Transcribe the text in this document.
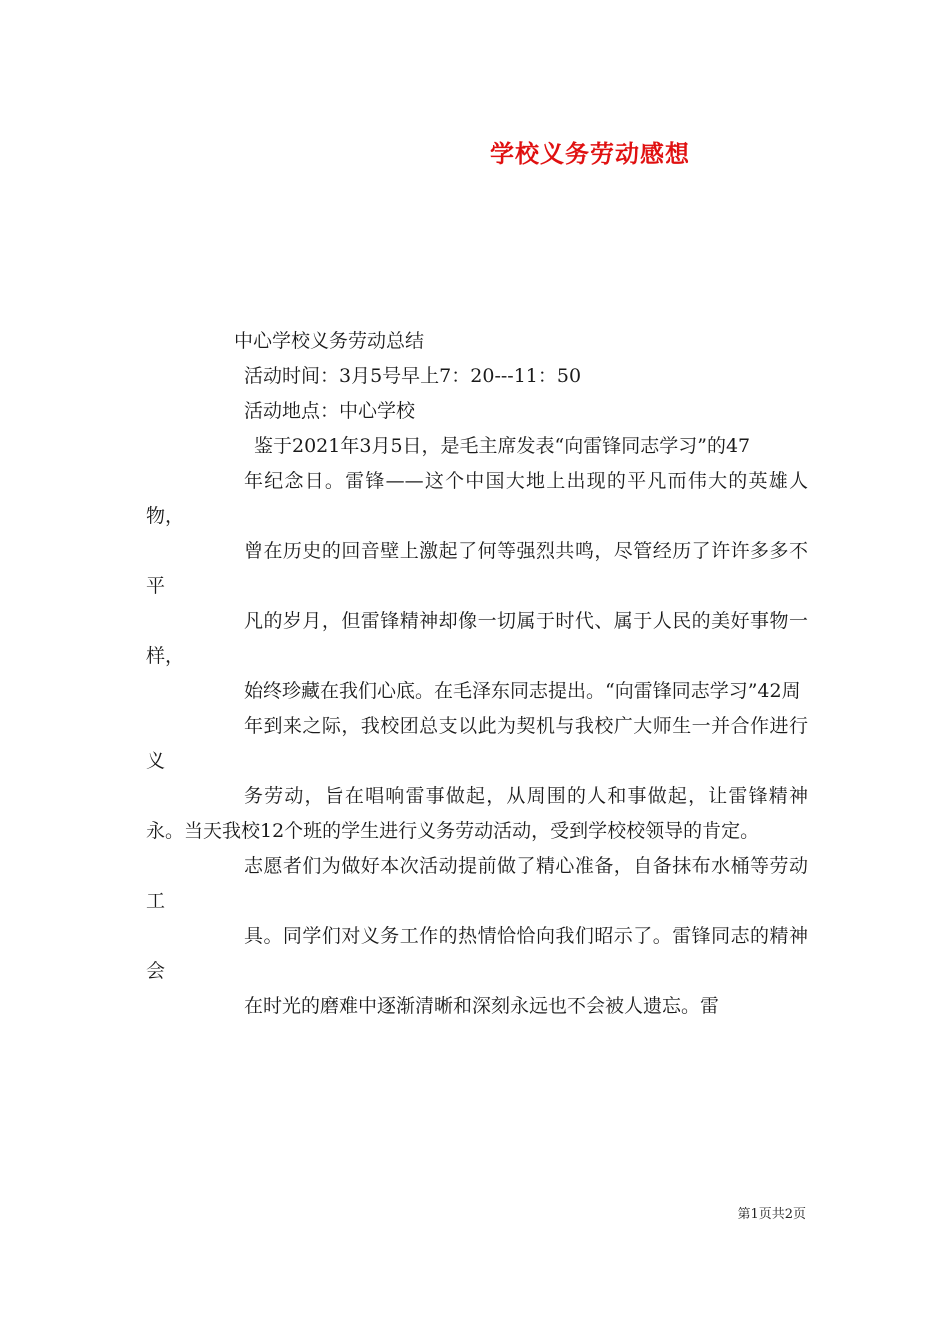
学校义务劳动感想

中心学校义务劳动总结

活动时间：3月5号早上7：20---11：50

活动地点：中心学校

鉴于2021年3月5日，是毛主席发表“向雷锋同志学习”的47

年纪念日。雷锋——这个中国大地上出现的平凡而伟大的英雄人物，

曾在历史的回音壁上激起了何等强烈共鸣，尽管经历了许许多多不平

凡的岁月，但雷锋精神却像一切属于时代、属于人民的美好事物一样，

始终珍藏在我们心底。在毛泽东同志提出。“向雷锋同志学习”42周

年到来之际，我校团总支以此为契机与我校广大师生一并合作进行义

务劳动，旨在唱响雷事做起，从周围的人和事做起，让雷锋精神永。当天我校12个班的学生进行义务劳动活动，受到学校校领导的肯定。

志愿者们为做好本次活动提前做了精心准备，自备抹布水桶等劳动工

具。同学们对义务工作的热情恰恰向我们昭示了。雷锋同志的精神会

在时光的磨难中逐渐清晰和深刻永远也不会被人遗忘。雷

第1页共2页
